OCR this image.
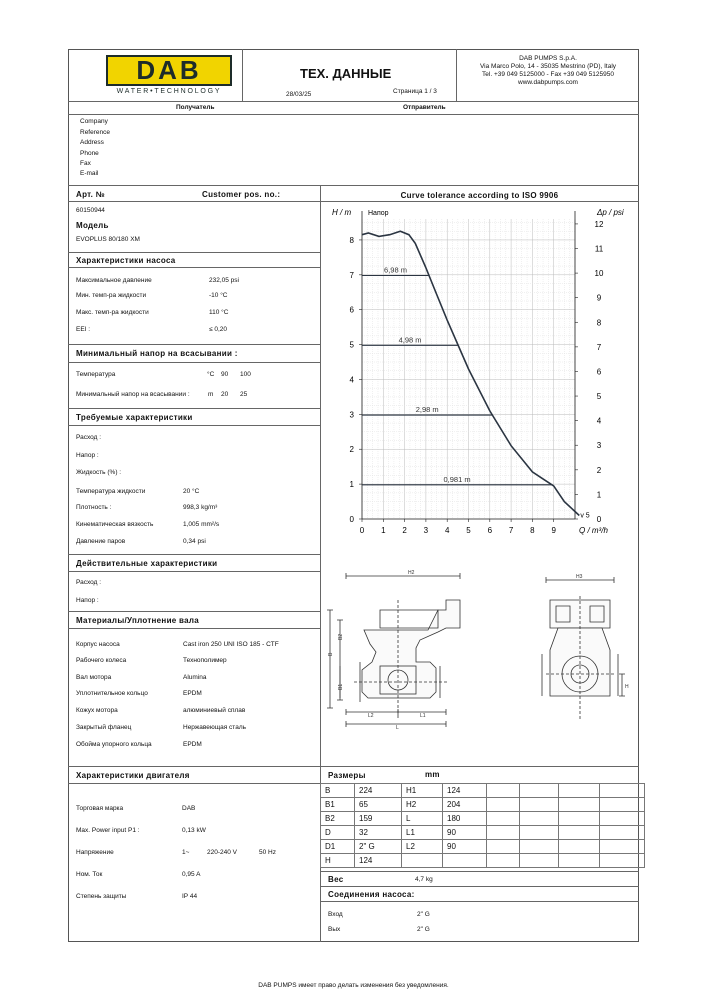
DAB
WATER•TECHNOLOGY
ТЕХ. ДАННЫЕ
28/03/25	Страница 1 / 3
DAB PUMPS S.p.A.
Via Marco Polo, 14 - 35035 Mestrino (PD), Italy
Tel. +39 049 5125000 - Fax +39 049 5125950
www.dabpumps.com
Получатель	Отправитель
Company
Reference
Address
Phone
Fax
E-mail
Арт. №	Customer pos. no.:
60150944
Модель
EVOPLUS 80/180 XM
Характеристики насоса
Максимальное давление	232,05 psi
Мин. темп-ра жидкости	-10 °C
Макс. темп-ра жидкости	110 °C
EEI :	≤ 0,20
Минимальный напор на всасывании :
Температура	°C 90 100
Минимальный напор на всасывании :	m 20 25
Требуемые характеристики
Расход :
Напор :
Жидкость (%) :
Температура жидкости	20 °C
Плотность :	998,3 kg/m³
Кинематическая вязкость	1,005 mm²/s
Давление паров	0,34 psi
Действительные характеристики
Расход :
Напор :
Материалы/Уплотнение вала
Корпус насоса	Cast iron 250 UNI ISO 185 - CTF
Рабочего колеса	Технополимер
Вал мотора	Alumina
Уплотнительное кольцо	EPDM
Кожух мотора	алюминиевый сплав
Закрытый фланец	Нержавеющая сталь
Обойма упорного кольца	EPDM
Характеристики двигателя
Торговая марка	DAB
Max. Power input P1 :	0,13 kW
Напряжение	1~	220-240 V	50 Hz
Ном. Ток	0,95 A
Степень защиты	IP 44
Curve tolerance according to ISO 9906
0 1 2 3 4 5 6 7 8 9
0
1
2
3
4
5
6
7
8
0
1
2
3
4
5
6
7
8
9
10
11
12
H / m	Δp / psi
Q / m³/h
Напор
6,98 m
4,98 m
2,98 m
0,981 m
v 5
H2
H3
B2
B
B1
L2	L1
L
H
Размеры	mm
B	224	H1	124				
B1	65	H2	204				
B2	159	L	180				
D	32	L1	90				
D1	2" G	L2	90				
H	124						
Вес	4,7 kg
Соединения насоса:
Вход	2" G
Вых	2" G
DAB PUMPS имеет право делать изменения без уведомления.
